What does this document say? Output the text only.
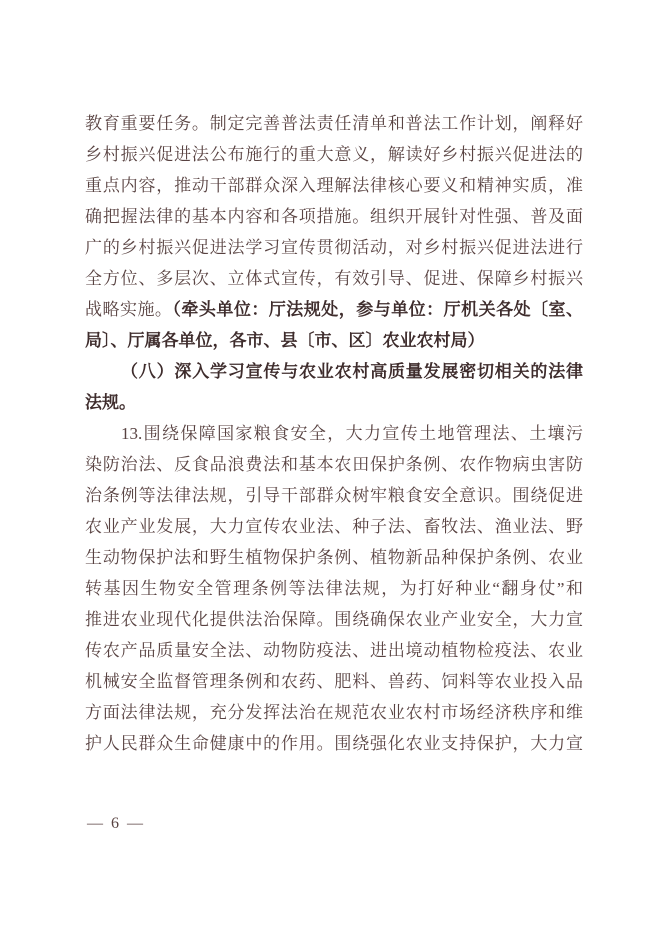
教育重要任务。制定完善普法责任清单和普法工作计划，阐释好
乡村振兴促进法公布施行的重大意义，解读好乡村振兴促进法的
重点内容，推动干部群众深入理解法律核心要义和精神实质，准
确把握法律的基本内容和各项措施。组织开展针对性强、普及面
广的乡村振兴促进法学习宣传贯彻活动，对乡村振兴促进法进行
全方位、多层次、立体式宣传，有效引导、促进、保障乡村振兴
战略实施。（牵头单位：厅法规处，参与单位：厅机关各处〔室、
局〕、厅属各单位，各市、县〔市、区〕农业农村局）
（八）深入学习宣传与农业农村高质量发展密切相关的法律
法规。
13.围绕保障国家粮食安全，大力宣传土地管理法、土壤污
染防治法、反食品浪费法和基本农田保护条例、农作物病虫害防
治条例等法律法规，引导干部群众树牢粮食安全意识。围绕促进
农业产业发展，大力宣传农业法、种子法、畜牧法、渔业法、野
生动物保护法和野生植物保护条例、植物新品种保护条例、农业
转基因生物安全管理条例等法律法规，为打好种业“翻身仗”和
推进农业现代化提供法治保障。围绕确保农业产业安全，大力宣
传农产品质量安全法、动物防疫法、进出境动植物检疫法、农业
机械安全监督管理条例和农药、肥料、兽药、饲料等农业投入品
方面法律法规，充分发挥法治在规范农业农村市场经济秩序和维
护人民群众生命健康中的作用。围绕强化农业支持保护，大力宣
— 6 —
